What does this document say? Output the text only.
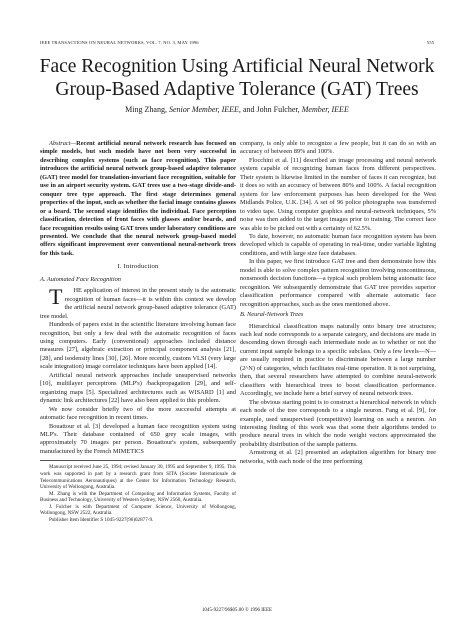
IEEE TRANSACTIONS ON NEURAL NETWORKS, VOL. 7, NO. 3, MAY 1996	555
Face Recognition Using Artificial Neural Network
Group-Based Adaptive Tolerance (GAT) Trees
Ming Zhang, Senior Member, IEEE, and John Fulcher, Member, IEEE

Abstract—Recent artificial neural network research has focused on simple models, but such models have not been very successful in describing complex systems (such as face recognition). This paper introduces the artificial neural network group-based adaptive tolerance (GAT) tree model for translation-invariant face recognition, suitable for use in an airport security system. GAT trees use a two-stage divide-and-conquer tree type approach. The first stage determines general properties of the input, such as whether the facial image contains glasses or a beard. The second stage identifies the individual. Face perception classification, detection of front faces with glasses and/or beards, and face recognition results using GAT trees under laboratory conditions are presented. We conclude that the neural network group-based model offers significant improvement over conventional neural-network trees for this task.

I. Introduction
A. Automated Face Recognition

T HE application of interest in the present study is the automatic recognition of human faces—it is within this context we develop the artificial neural network group-based adaptive tolerance (GAT) tree model.

Hundreds of papers exist in the scientific literature involving human face recognition, but only a few deal with the automatic recognition of faces using computers. Early (conventional) approaches included distance measures [27], algebraic extraction or principal component analysis [21], [28], and isodensity lines [30], [26]. More recently, custom VLSI (very large scale integration) image correlator techniques have been applied [14].

Artificial neural network approaches include unsupervised networks [10], multilayer perceptrons (MLP's) /backpropagation [29], and self-organizing maps [5]. Specialized architectures such as WISARD [1] and dynamic link architectures [22] have also been applied to this problem.

We now consider briefly two of the more successful attempts at automatic face recognition in recent times.

Bouattour et al. [3] developed a human face recognition system using MLP's. Their database contained of 650 grey scale images, with approximately 70 images per person. Bouattour's system, subsequently manufactured by the French MIMETICS

Manuscript received June 25, 1994; revised January 30, 1995 and September 9, 1995. This work was supported in part by a research grant from SITA (Societe Internationale de Telecommunications Aeronautiques) at the Center for Information Technology Research, University of Wollongong, Australia.

M. Zhang is with the Department of Computing and Information Systems, Faculty of Business and Technology, University of Western Sydney, NSW 2560, Australia.

J. Fulcher is with Department of Computer Science, University of Wollongong, Wollongong, NSW 2522, Australia.

Publisher Item Identifier S 1045-9227(96)02877-9.

company, is only able to recognize a few people, but it can do so with an accuracy of between 89% and 100%.

Flocchini et al. [11] described an image processing and neural network system capable of recognizing human faces from different perspectives. Their system is likewise limited in the number of faces it can recognize, but it does so with an accuracy of between 80% and 100%. A facial recognition system for law enforcement purposes has been developed for the West Midlands Police, U.K. [34]. A set of 96 police photographs was transferred to video tape. Using computer graphics and neural-network techniques, 5% noise was then added to the target images prior to training. The correct face was able to be picked out with a certainty of 62.5%.

To date, however, no automatic human face recognition system has been developed which is capable of operating in real-time, under variable lighting conditions, and with large size face databases.

In this paper, we first introduce GAT tree and then demonstrate how this model is able to solve complex pattern recognition involving noncontinuous, nonsmooth decision functions—a typical such problem being automatic face recognition. We subsequently demonstrate that GAT tree provides superior classification performance compared with alternate automatic face recognition approaches, such as the ones mentioned above.

B. Neural-Network Trees

Hierarchical classification maps naturally onto binary tree structures; each leaf node corresponds to a separate category, and decisions are made in descending down through each intermediate node as to whether or not the current input sample belongs to a specific subclass. Only a few levels—N—are usually required in practice to discriminate between a large number (2^N) of categories, which facilitates real-time operation. It is not surprising, then, that several researchers have attempted to combine neural-network classifiers with hierarchical trees to boost classification performance. Accordingly, we include here a brief survey of neural network trees.

The obvious starting point is to construct a hierarchical network in which each node of the tree corresponds to a single neuron. Fang et al. [9], for example, used unsupervised (competitive) learning on such a neuron. An interesting finding of this work was that some their algorithms tended to produce neural trees in which the node weight vectors approximated the probability distribution of the sample patterns.

Armstrong et al. [2] presented an adaptation algorithm for binary tree networks, with each node of the tree performing

1045-9227/96$05.00 © 1996 IEEE
